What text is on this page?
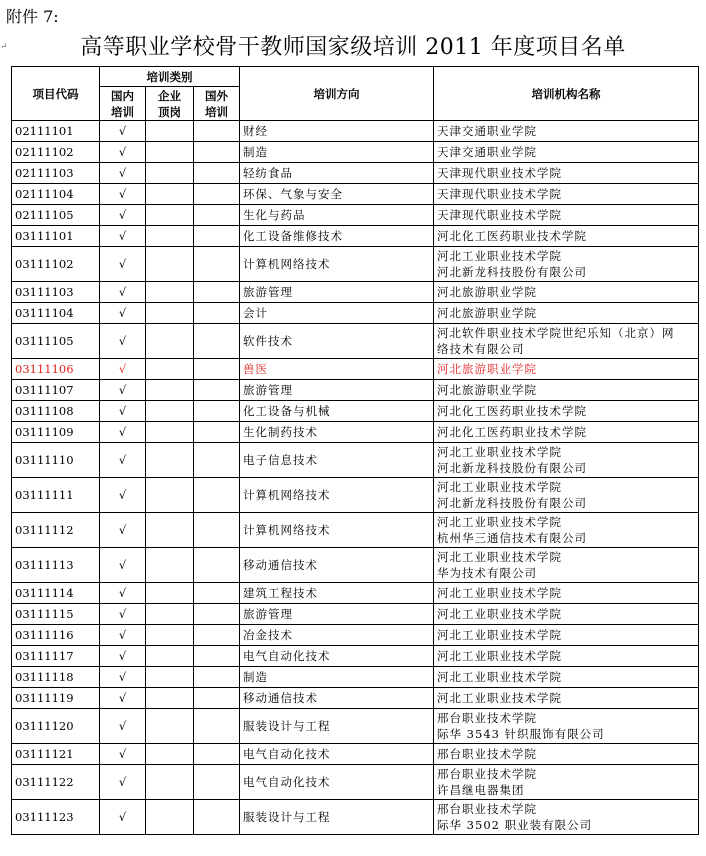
附件 7:
↵	高等职业学校骨干教师国家级培训 2011 年度项目名单
项目代码	培训类别			培训方向	培训机构名称
	国内培训	企业顶岗	国外培训		
02111101	√			财经	天津交通职业学院

02111102	√			制造	天津交通职业学院

02111103	√			轻纺食品	天津现代职业技术学院

02111104	√			环保、气象与安全	天津现代职业技术学院

02111105	√			生化与药品	天津现代职业技术学院

03111101	√			化工设备维修技术	河北化工医药职业技术学院

03111102	√			计算机网络技术	河北工业职业技术学院
河北新龙科技股份有限公司

03111103	√			旅游管理	河北旅游职业学院

03111104	√			会计	河北旅游职业学院

03111105	√			软件技术	河北软件职业技术学院世纪乐知（北京）网
络技术有限公司

03111106	√			兽医	河北旅游职业学院

03111107	√			旅游管理	河北旅游职业学院

03111108	√			化工设备与机械	河北化工医药职业技术学院

03111109	√			生化制药技术	河北化工医药职业技术学院

03111110	√			电子信息技术	河北工业职业技术学院
河北新龙科技股份有限公司

03111111	√			计算机网络技术	河北工业职业技术学院
河北新龙科技股份有限公司

03111112	√			计算机网络技术	河北工业职业技术学院
杭州华三通信技术有限公司

03111113	√			移动通信技术	河北工业职业技术学院
华为技术有限公司

03111114	√			建筑工程技术	河北工业职业技术学院

03111115	√			旅游管理	河北工业职业技术学院

03111116	√			冶金技术	河北工业职业技术学院

03111117	√			电气自动化技术	河北工业职业技术学院

03111118	√			制造	河北工业职业技术学院

03111119	√			移动通信技术	河北工业职业技术学院

03111120	√			服装设计与工程	邢台职业技术学院
际华 3543 针织服饰有限公司

03111121	√			电气自动化技术	邢台职业技术学院

03111122	√			电气自动化技术	邢台职业技术学院
许昌继电器集团

03111123	√			服装设计与工程	邢台职业技术学院
际华 3502 职业装有限公司
